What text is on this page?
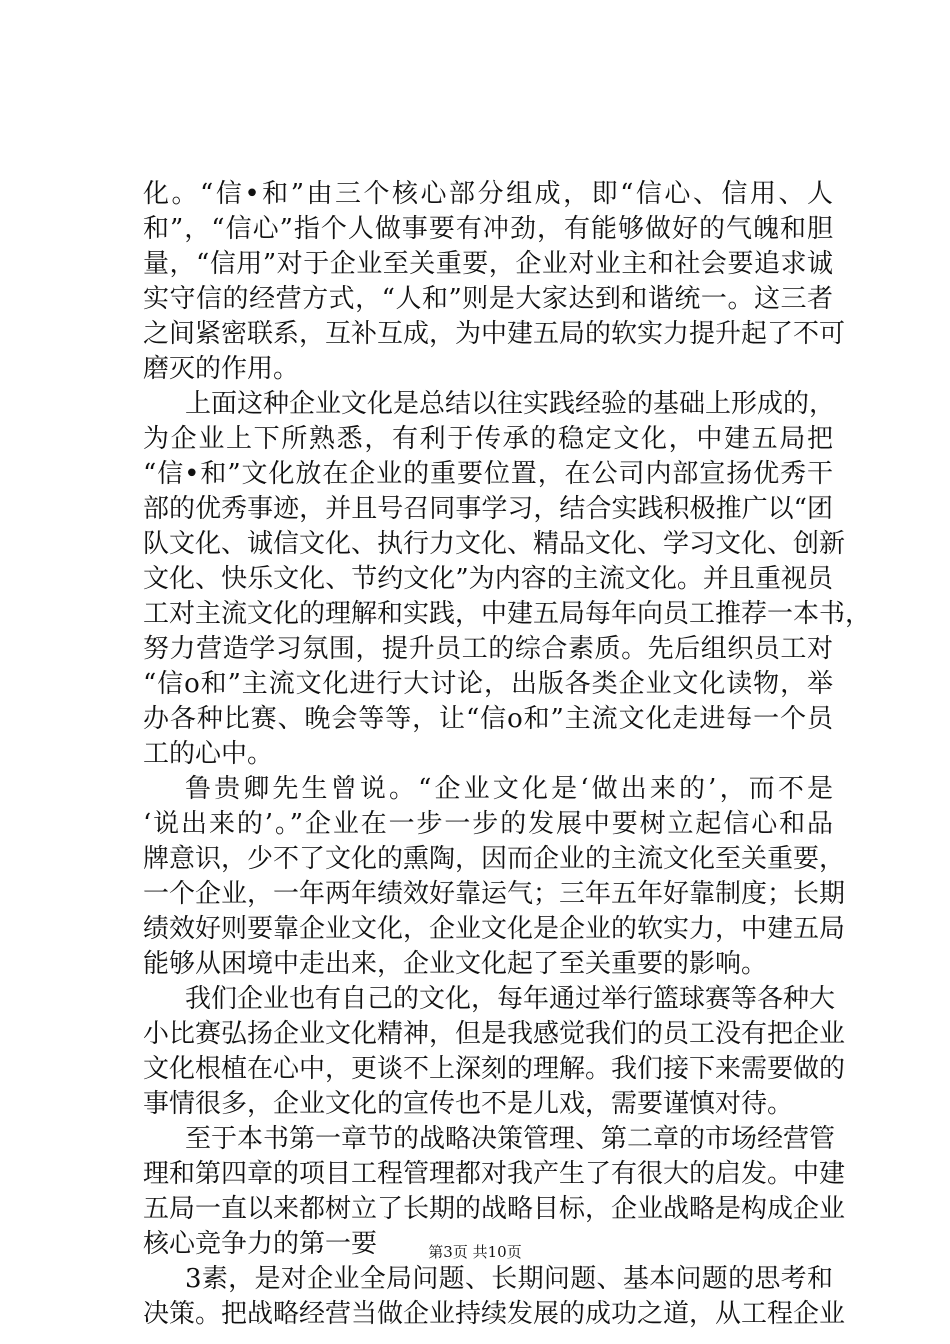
化。“信•和”由三个核心部分组成，即“信心、信用、人
和”，“信心”指个人做事要有冲劲，有能够做好的气魄和胆
量，“信用”对于企业至关重要，企业对业主和社会要追求诚
实守信的经营方式，“人和”则是大家达到和谐统一。这三者
之间紧密联系，互补互成，为中建五局的软实力提升起了不可
磨灭的作用。
上面这种企业文化是总结以往实践经验的基础上形成的，
为企业上下所熟悉，有利于传承的稳定文化，中建五局把
“信•和”文化放在企业的重要位置，在公司内部宣扬优秀干
部的优秀事迹，并且号召同事学习，结合实践积极推广以“团
队文化、诚信文化、执行力文化、精品文化、学习文化、创新
文化、快乐文化、节约文化”为内容的主流文化。并且重视员
工对主流文化的理解和实践，中建五局每年向员工推荐一本书，
努力营造学习氛围，提升员工的综合素质。先后组织员工对
“信ο和”主流文化进行大讨论，出版各类企业文化读物，举
办各种比赛、晚会等等，让“信ο和”主流文化走进每一个员
工的心中。
鲁贵卿先生曾说。“企业文化是‘做出来的’，而不是
‘说出来的’。”企业在一步一步的发展中要树立起信心和品
牌意识，少不了文化的熏陶，因而企业的主流文化至关重要，
一个企业，一年两年绩效好靠运气；三年五年好靠制度；长期
绩效好则要靠企业文化，企业文化是企业的软实力，中建五局
能够从困境中走出来，企业文化起了至关重要的影响。
我们企业也有自己的文化，每年通过举行篮球赛等各种大
小比赛弘扬企业文化精神，但是我感觉我们的员工没有把企业
文化根植在心中，更谈不上深刻的理解。我们接下来需要做的
事情很多，企业文化的宣传也不是儿戏，需要谨慎对待。
至于本书第一章节的战略决策管理、第二章的市场经营管
理和第四章的项目工程管理都对我产生了有很大的启发。中建
五局一直以来都树立了长期的战略目标，企业战略是构成企业
核心竞争力的第一要
3素，是对企业全局问题、长期问题、基本问题的思考和
决策。把战略经营当做企业持续发展的成功之道，从工程企业
第3页 共10页
